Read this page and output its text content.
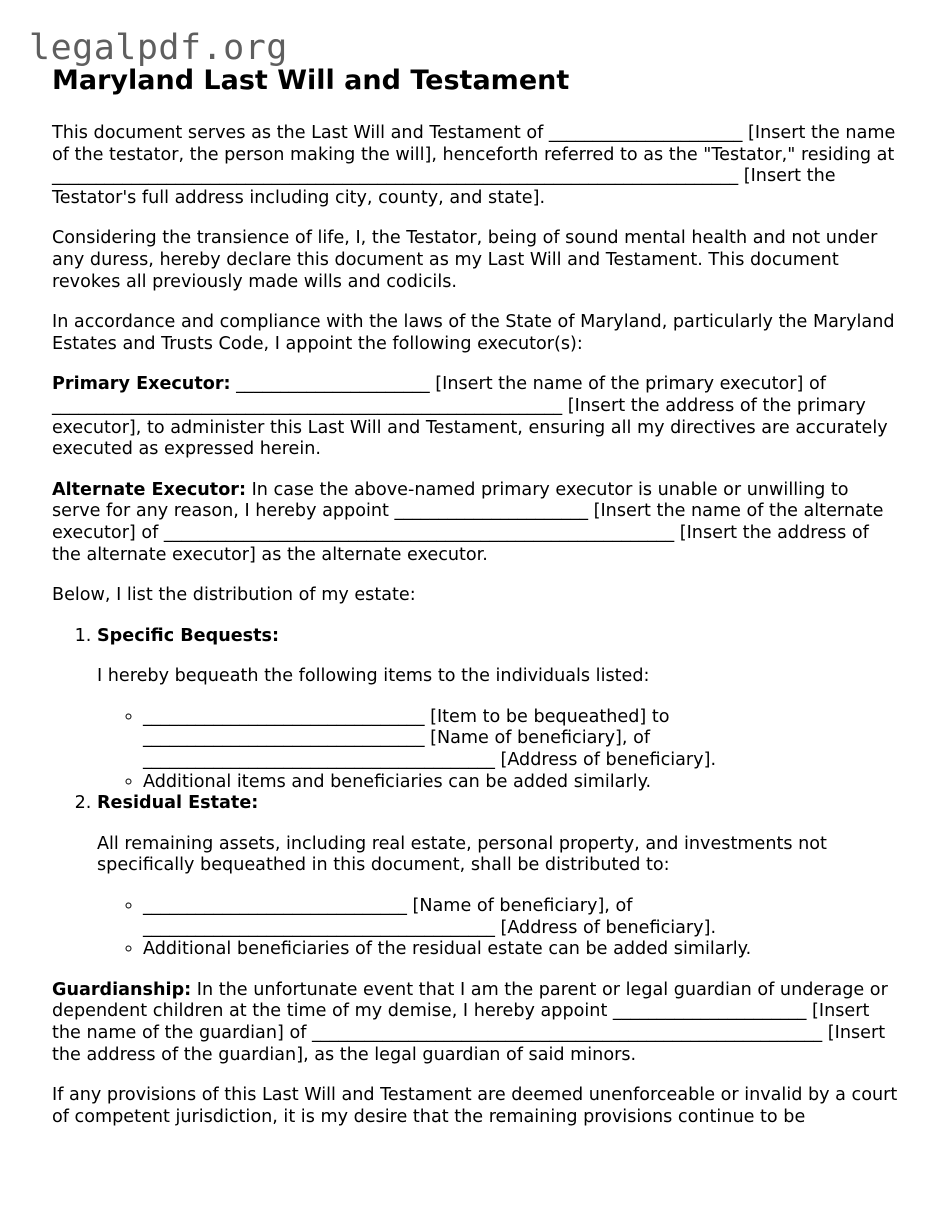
legalpdf.org
Maryland Last Will and Testament

This document serves as the Last Will and Testament of ______________________ [Insert the name of the testator, the person making the will], henceforth referred to as the "Testator," residing at ______________________________________________________________________________ [Insert the Testator's full address including city, county, and state].

Considering the transience of life, I, the Testator, being of sound mental health and not under any duress, hereby declare this document as my Last Will and Testament. This document revokes all previously made wills and codicils.

In accordance and compliance with the laws of the State of Maryland, particularly the Maryland Estates and Trusts Code, I appoint the following executor(s):

Primary Executor: ______________________ [Insert the name of the primary executor] of __________________________________________________________ [Insert the address of the primary executor], to administer this Last Will and Testament, ensuring all my directives are accurately executed as expressed herein.

Alternate Executor: In case the above-named primary executor is unable or unwilling to serve for any reason, I hereby appoint ______________________ [Insert the name of the alternate executor] of __________________________________________________________ [Insert the address of the alternate executor] as the alternate executor.

Below, I list the distribution of my estate:

1. Specific Bequests:

I hereby bequeath the following items to the individuals listed:

◦ ________________________________ [Item to be bequeathed] to ________________________________ [Name of beneficiary], of ________________________________________ [Address of beneficiary].
◦ Additional items and beneficiaries can be added similarly.
2. Residual Estate:

All remaining assets, including real estate, personal property, and investments not specifically bequeathed in this document, shall be distributed to:

◦ ______________________________ [Name of beneficiary], of ________________________________________ [Address of beneficiary].
◦ Additional beneficiaries of the residual estate can be added similarly.

Guardianship: In the unfortunate event that I am the parent or legal guardian of underage or dependent children at the time of my demise, I hereby appoint ______________________ [Insert the name of the guardian] of __________________________________________________________ [Insert the address of the guardian], as the legal guardian of said minors.

If any provisions of this Last Will and Testament are deemed unenforceable or invalid by a court of competent jurisdiction, it is my desire that the remaining provisions continue to be
